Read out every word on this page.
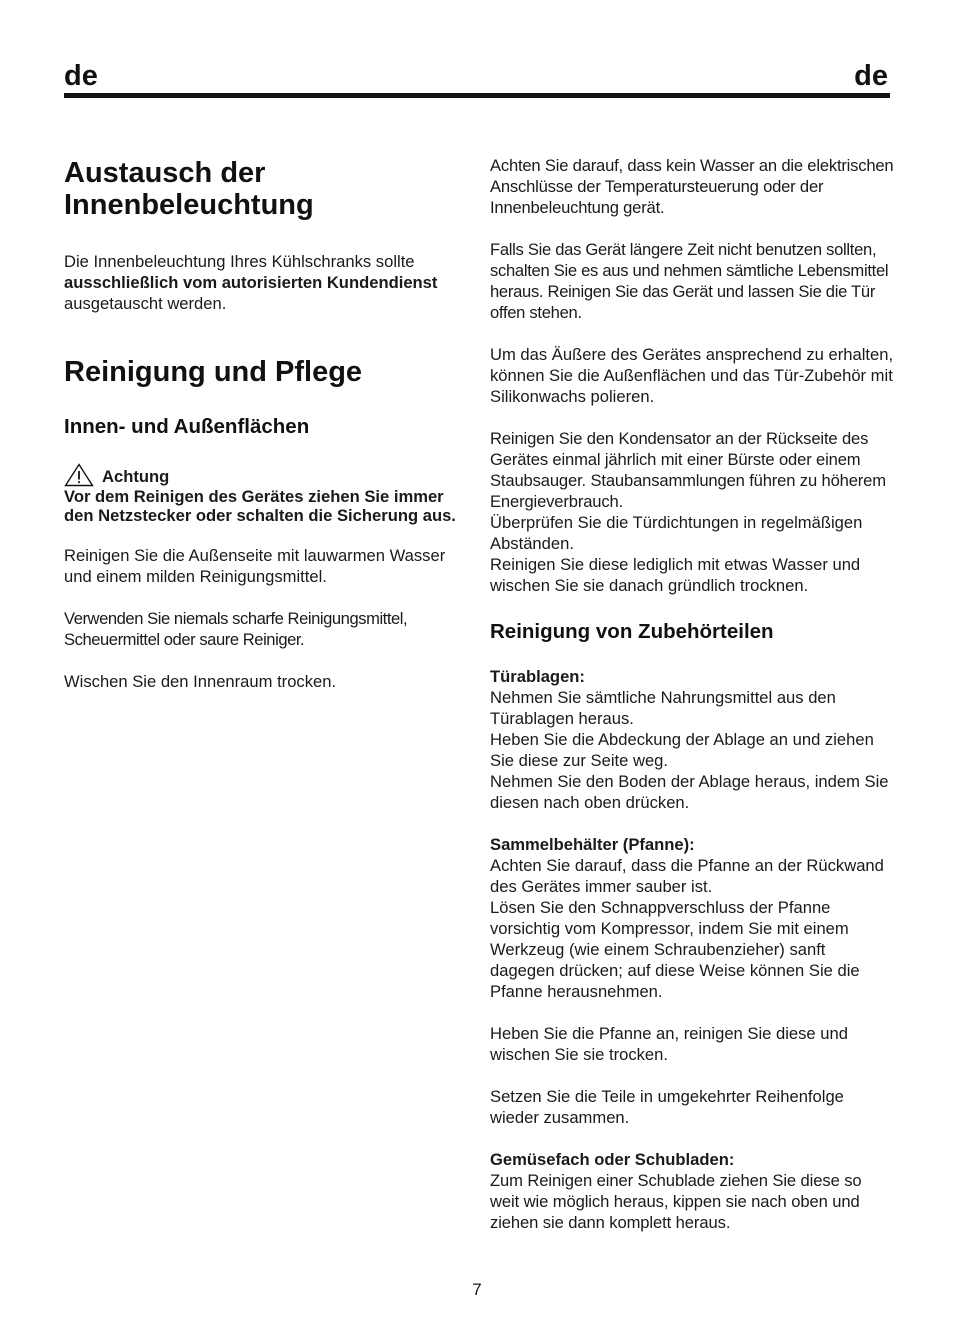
de	de
Austausch der Innenbeleuchtung

Die Innenbeleuchtung Ihres Kühlschranks sollte ausschließlich vom autorisierten Kundendienst ausgetauscht werden.

Reinigung und Pflege
Innen- und Außenflächen
Achtung

Vor dem Reinigen des Gerätes ziehen Sie immer den Netzstecker oder schalten die Sicherung aus.

Reinigen Sie die Außenseite mit lauwarmen Wasser und einem milden Reinigungsmittel.

Verwenden Sie niemals scharfe Reinigungsmittel, Scheuermittel oder saure Reiniger.

Wischen Sie den Innenraum trocken.

Achten Sie darauf, dass kein Wasser an die elektrischen Anschlüsse der Temperatursteuerung oder der Innenbeleuchtung gerät.

Falls Sie das Gerät längere Zeit nicht benutzen sollten, schalten Sie es aus und nehmen sämtliche Lebensmittel heraus. Reinigen Sie das Gerät und lassen Sie die Tür offen stehen.

Um das Äußere des Gerätes ansprechend zu erhalten, können Sie die Außenflächen und das Tür-Zubehör mit Silikonwachs polieren.

Reinigen Sie den Kondensator an der Rückseite des Gerätes einmal jährlich mit einer Bürste oder einem Staubsauger. Staubansammlungen führen zu höherem Energieverbrauch.
Überprüfen Sie die Türdichtungen in regelmäßigen Abständen.
Reinigen Sie diese lediglich mit etwas Wasser und wischen Sie sie danach gründlich trocknen.

Reinigung von Zubehörteilen

Türablagen:
Nehmen Sie sämtliche Nahrungsmittel aus den Türablagen heraus.
Heben Sie die Abdeckung der Ablage an und ziehen Sie diese zur Seite weg.
Nehmen Sie den Boden der Ablage heraus, indem Sie diesen nach oben drücken.

Sammelbehälter (Pfanne):
Achten Sie darauf, dass die Pfanne an der Rückwand des Gerätes immer sauber ist.
Lösen Sie den Schnappverschluss der Pfanne vorsichtig vom Kompressor, indem Sie mit einem Werkzeug (wie einem Schraubenzieher) sanft dagegen drücken; auf diese Weise können Sie die Pfanne herausnehmen.

Heben Sie die Pfanne an, reinigen Sie diese und wischen Sie sie trocken.

Setzen Sie die Teile in umgekehrter Reihenfolge wieder zusammen.

Gemüsefach oder Schubladen:
Zum Reinigen einer Schublade ziehen Sie diese so weit wie möglich heraus, kippen sie nach oben und ziehen sie dann komplett heraus.

7
